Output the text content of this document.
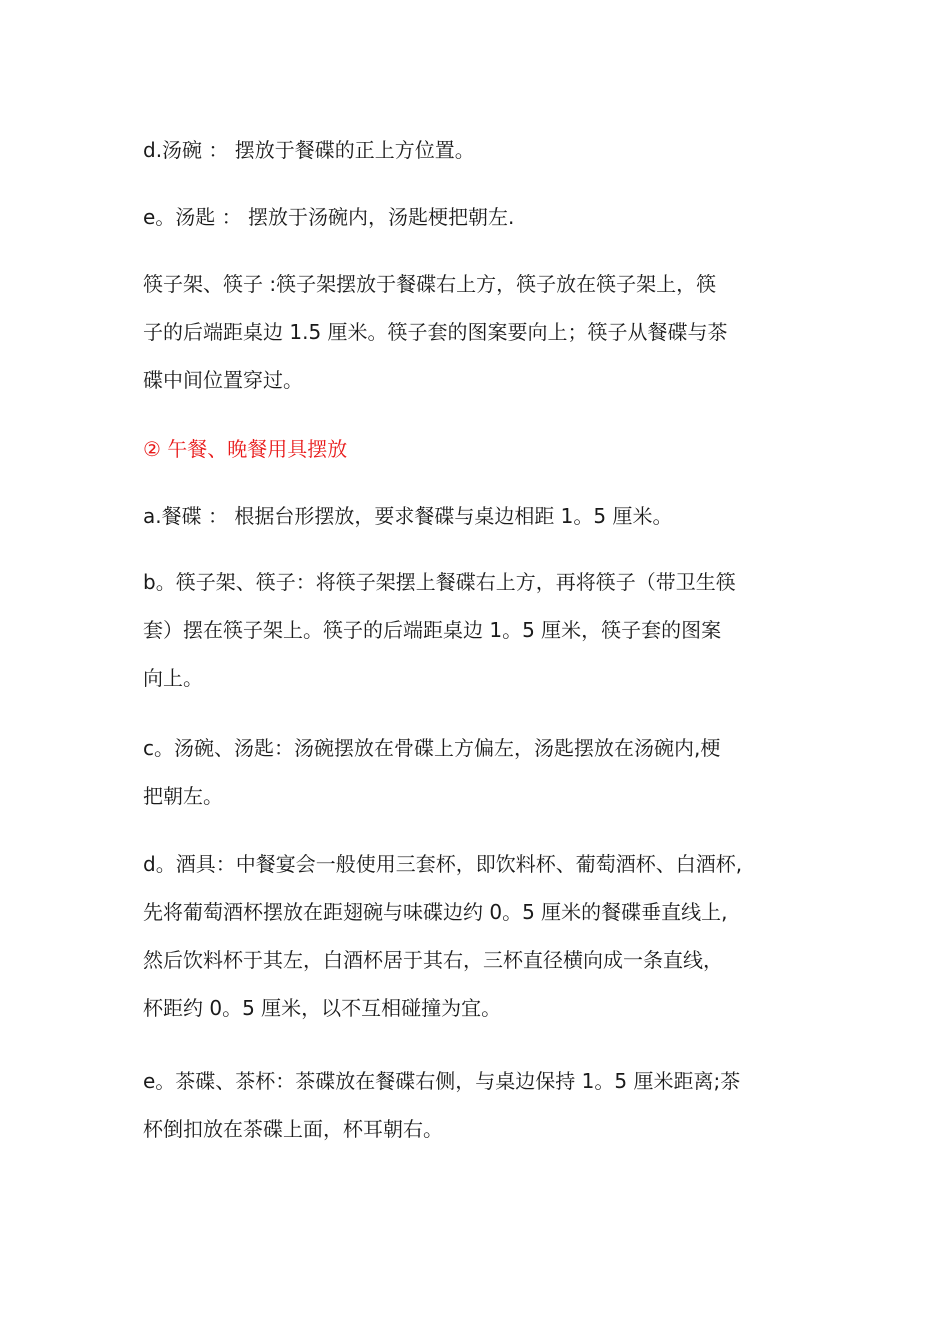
d.汤碗 ： 摆放于餐碟的正上方位置。

e。汤匙 ： 摆放于汤碗内，汤匙梗把朝左.

筷子架、筷子 :筷子架摆放于餐碟右上方，筷子放在筷子架上，筷
子的后端距桌边 1.5 厘米。筷子套的图案要向上；筷子从餐碟与茶
碟中间位置穿过。

② 午餐、晚餐用具摆放

a.餐碟 ： 根据台形摆放，要求餐碟与桌边相距 1。5 厘米。

b。筷子架、筷子：将筷子架摆上餐碟右上方，再将筷子（带卫生筷
套）摆在筷子架上。筷子的后端距桌边 1。5 厘米，筷子套的图案
向上。

c。汤碗、汤匙：汤碗摆放在骨碟上方偏左，汤匙摆放在汤碗内,梗
把朝左。

d。酒具：中餐宴会一般使用三套杯，即饮料杯、葡萄酒杯、白酒杯,
先将葡萄酒杯摆放在距翅碗与味碟边约 0。5 厘米的餐碟垂直线上,
然后饮料杯于其左，白酒杯居于其右，三杯直径横向成一条直线，
杯距约 0。5 厘米，以不互相碰撞为宜。

e。茶碟、茶杯：茶碟放在餐碟右侧，与桌边保持 1。5 厘米距离;茶
杯倒扣放在茶碟上面，杯耳朝右。
